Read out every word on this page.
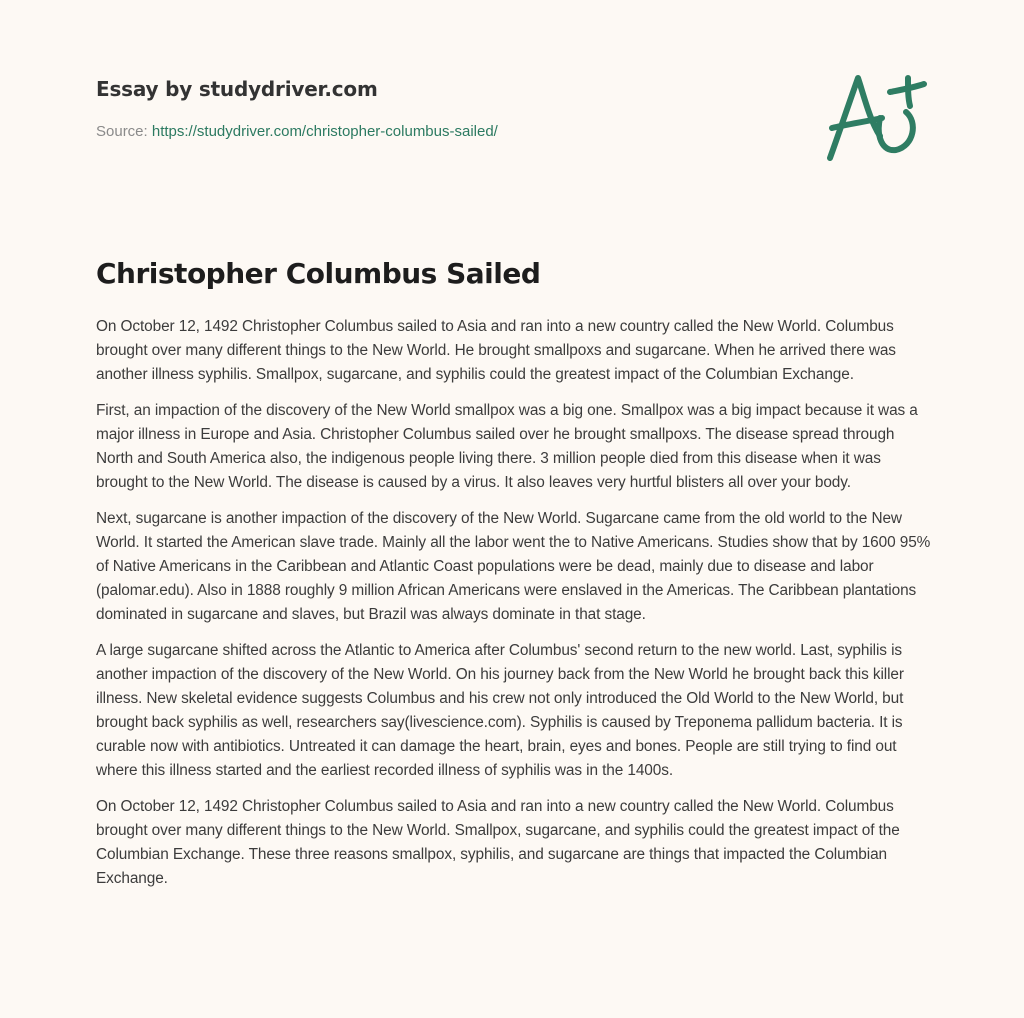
Essay by studydriver.com
Source: https://studydriver.com/christopher-columbus-sailed/
Christopher Columbus Sailed

On October 12, 1492 Christopher Columbus sailed to Asia and ran into a new country called the New World. Columbus brought over many different things to the New World. He brought smallpoxs and sugarcane. When he arrived there was another illness syphilis. Smallpox, sugarcane, and syphilis could the greatest impact of the Columbian Exchange.

First, an impaction of the discovery of the New World smallpox was a big one. Smallpox was a big impact because it was a major illness in Europe and Asia. Christopher Columbus sailed over he brought smallpoxs. The disease spread through North and South America also, the indigenous people living there. 3 million people died from this disease when it was brought to the New World. The disease is caused by a virus. It also leaves very hurtful blisters all over your body.

Next, sugarcane is another impaction of the discovery of the New World. Sugarcane came from the old world to the New World. It started the American slave trade. Mainly all the labor went the to Native Americans. Studies show that by 1600 95% of Native Americans in the Caribbean and Atlantic Coast populations were be dead, mainly due to disease and labor (palomar.edu). Also in 1888 roughly 9 million African Americans were enslaved in the Americas. The Caribbean plantations dominated in sugarcane and slaves, but Brazil was always dominate in that stage.

A large sugarcane shifted across the Atlantic to America after Columbus' second return to the new world. Last, syphilis is another impaction of the discovery of the New World. On his journey back from the New World he brought back this killer illness. New skeletal evidence suggests Columbus and his crew not only introduced the Old World to the New World, but brought back syphilis as well, researchers say(livescience.com). Syphilis is caused by Treponema pallidum bacteria. It is curable now with antibiotics. Untreated it can damage the heart, brain, eyes and bones. People are still trying to find out where this illness started and the earliest recorded illness of syphilis was in the 1400s.

On October 12, 1492 Christopher Columbus sailed to Asia and ran into a new country called the New World. Columbus brought over many different things to the New World. Smallpox, sugarcane, and syphilis could the greatest impact of the Columbian Exchange. These three reasons smallpox, syphilis, and sugarcane are things that impacted the Columbian Exchange.
